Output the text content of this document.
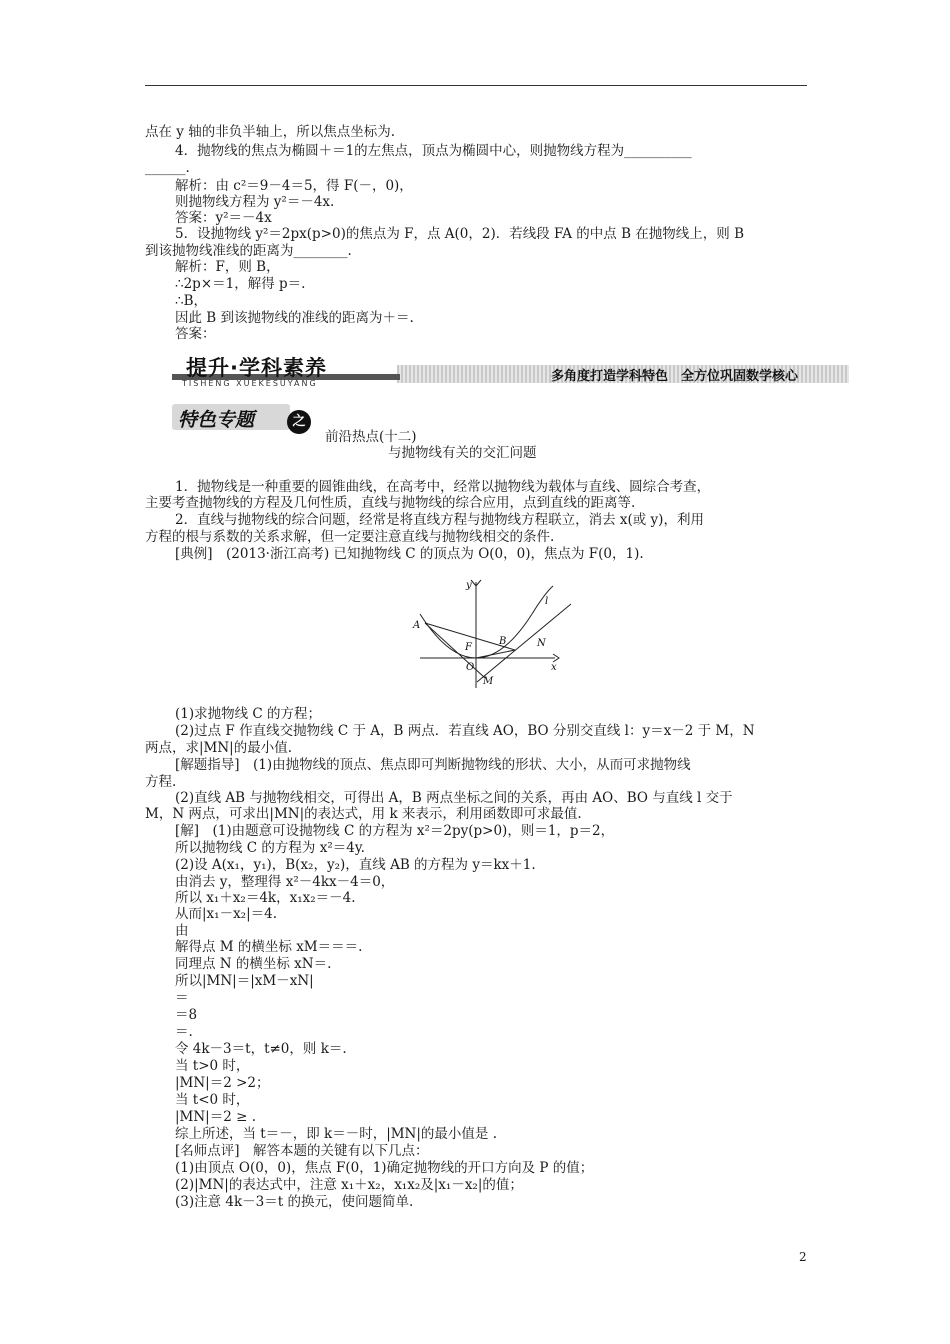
点在 y 轴的非负半轴上，所以焦点坐标为.
4．抛物线的焦点为椭圆＋＝1的左焦点，顶点为椭圆中心，则抛物线方程为__________
______.
解析：由 c²＝9－4＝5，得 F(－，0)，
则抛物线方程为 y²＝－4x.
答案：y²＝－4x
5．设抛物线 y²＝2px(p>0)的焦点为 F，点 A(0，2)．若线段 FA 的中点 B 在抛物线上，则 B
到该抛物线准线的距离为________.
解析：F，则 B，
∴2p×＝1，解得 p＝.
∴B，
因此 B 到该抛物线的准线的距离为＋＝.
答案：
提升·学科素养
TISHENG XUEKESUYANG	多角度打造学科特色　全方位巩固数学核心
特色专题	之
前沿热点(十二)
与抛物线有关的交汇问题
1．抛物线是一种重要的圆锥曲线，在高考中，经常以抛物线为载体与直线、圆综合考查，
主要考查抛物线的方程及几何性质，直线与抛物线的综合应用，点到直线的距离等.
2．直线与抛物线的综合问题，经常是将直线方程与抛物线方程联立，消去 x(或 y)，利用
方程的根与系数的关系求解，但一定要注意直线与抛物线相交的条件.
[典例]　(2013·浙江高考) 已知抛物线 C 的顶点为 O(0，0)，焦点为 F(0，1).
y
x
l
A
B
F
O
N
M
(1)求抛物线 C 的方程；
(2)过点 F 作直线交抛物线 C 于 A，B 两点．若直线 AO，BO 分别交直线 l：y＝x－2 于 M，N
两点，求|MN|的最小值.
[解题指导]　(1)由抛物线的顶点、焦点即可判断抛物线的形状、大小，从而可求抛物线
方程.
(2)直线 AB 与抛物线相交，可得出 A，B 两点坐标之间的关系，再由 AO、BO 与直线 l 交于
M，N 两点，可求出|MN|的表达式，用 k 来表示，利用函数即可求最值.
[解]　(1)由题意可设抛物线 C 的方程为 x²＝2py(p>0)，则＝1，p＝2，
所以抛物线 C 的方程为 x²＝4y.
(2)设 A(x₁，y₁)，B(x₂，y₂)，直线 AB 的方程为 y＝kx＋1.
由消去 y，整理得 x²－4kx－4＝0，
所以 x₁＋x₂＝4k，x₁x₂＝－4.
从而|x₁－x₂|＝4.
由
解得点 M 的横坐标 xM＝＝＝.
同理点 N 的横坐标 xN＝.
所以|MN|＝|xM－xN|
＝
＝8
＝.
令 4k－3＝t，t≠0，则 k＝.
当 t>0 时，
|MN|＝2 >2；
当 t<0 时，
|MN|＝2 ≥ .
综上所述，当 t＝－，即 k＝－时，|MN|的最小值是 .
[名师点评]　解答本题的关键有以下几点：
(1)由顶点 O(0，0)，焦点 F(0，1)确定抛物线的开口方向及 P 的值；
(2)|MN|的表达式中，注意 x₁＋x₂，x₁x₂及|x₁－x₂|的值；
(3)注意 4k－3＝t 的换元，使问题简单.
2
